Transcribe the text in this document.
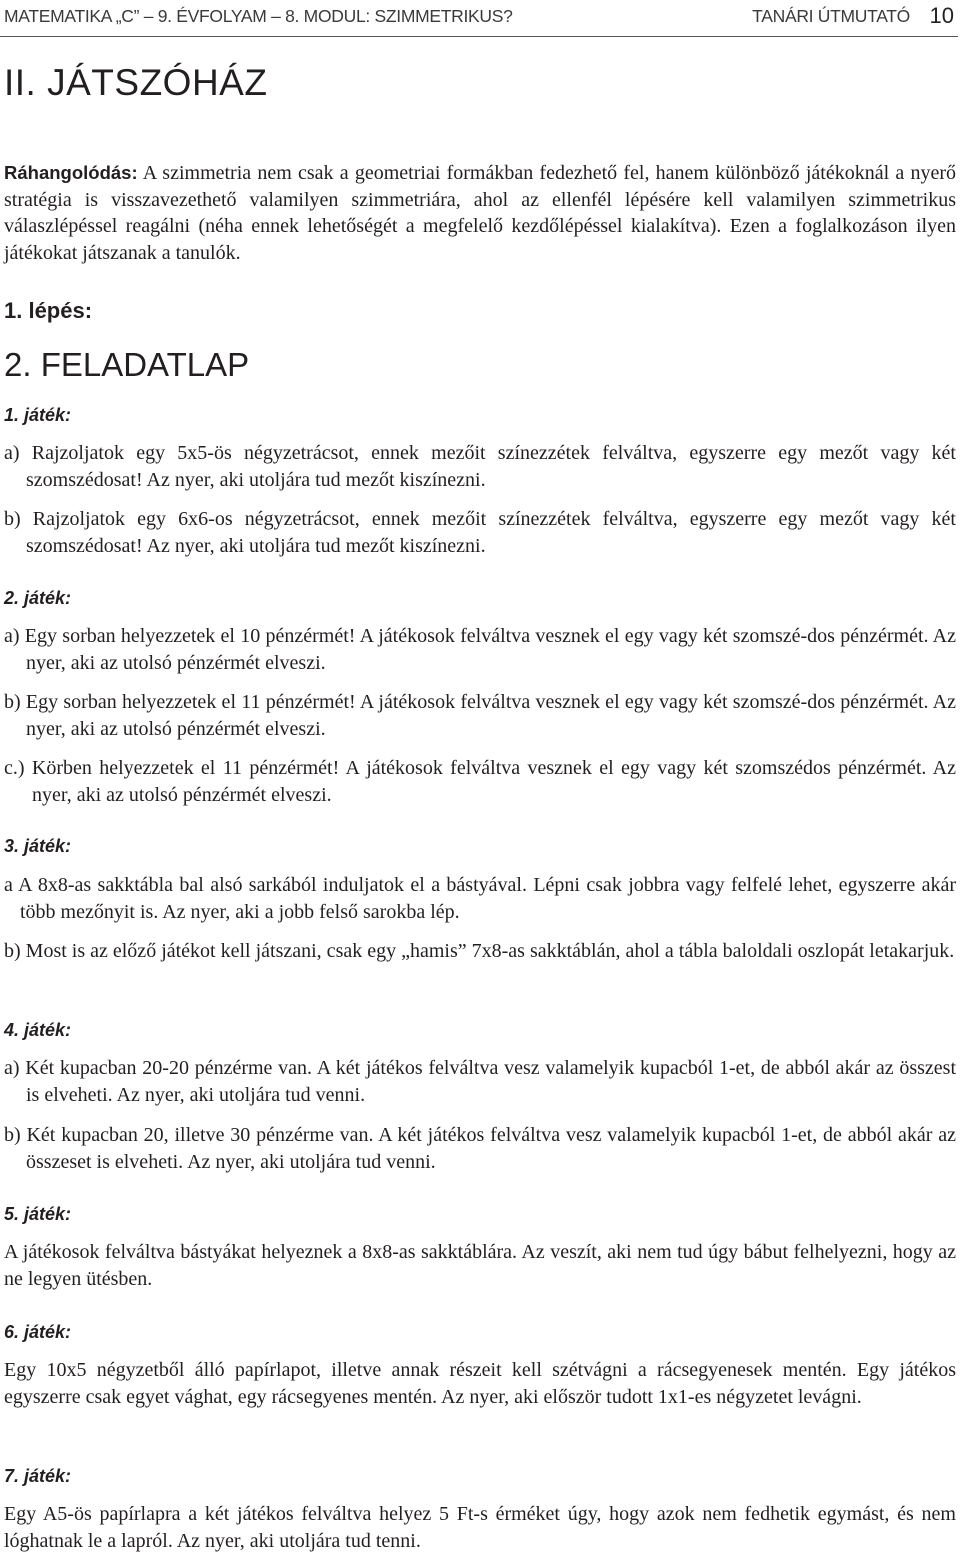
MATEMATIKA „C” – 9. ÉVFOLYAM – 8. MODUL: SZIMMETRIKUS?	TANÁRI ÚTMUTATÓ 10
II. JÁTSZÓHÁZ

Ráhangolódás: A szimmetria nem csak a geometriai formákban fedezhető fel, hanem különböző játékoknál a nyerő stratégia is visszavezethető valamilyen szimmetriára, ahol az ellenfél lépésére kell valamilyen szimmetrikus válaszlépéssel reagálni (néha ennek lehetőségét a megfelelő kezdőlépéssel kialakítva). Ezen a foglalkozáson ilyen játékokat játszanak a tanulók.

1. lépés:
2. FELADATLAP
1. játék:

a) Rajzoljatok egy 5x5-ös négyzetrácsot, ennek mezőit színezzétek felváltva, egyszerre egy mezőt vagy két szomszédosat! Az nyer, aki utoljára tud mezőt kiszínezni.

b) Rajzoljatok egy 6x6-os négyzetrácsot, ennek mezőit színezzétek felváltva, egyszerre egy mezőt vagy két szomszédosat! Az nyer, aki utoljára tud mezőt kiszínezni.

2. játék:

a) Egy sorban helyezzetek el 10 pénzérmét! A játékosok felváltva vesznek el egy vagy két szomszé-dos pénzérmét. Az nyer, aki az utolsó pénzérmét elveszi.

b) Egy sorban helyezzetek el 11 pénzérmét! A játékosok felváltva vesznek el egy vagy két szomszé-dos pénzérmét. Az nyer, aki az utolsó pénzérmét elveszi.

c.) Körben helyezzetek el 11 pénzérmét! A játékosok felváltva vesznek el egy vagy két szomszédos pénzérmét. Az nyer, aki az utolsó pénzérmét elveszi.

3. játék:

a A 8x8-as sakktábla bal alsó sarkából induljatok el a bástyával. Lépni csak jobbra vagy felfelé lehet, egyszerre akár több mezőnyit is. Az nyer, aki a jobb felső sarokba lép.

b) Most is az előző játékot kell játszani, csak egy „hamis” 7x8-as sakktáblán, ahol a tábla baloldali oszlopát letakarjuk.

4. játék:

a) Két kupacban 20-20 pénzérme van. A két játékos felváltva vesz valamelyik kupacból 1-et, de abból akár az összest is elveheti. Az nyer, aki utoljára tud venni.

b) Két kupacban 20, illetve 30 pénzérme van. A két játékos felváltva vesz valamelyik kupacból 1-et, de abból akár az összeset is elveheti. Az nyer, aki utoljára tud venni.

5. játék:

A játékosok felváltva bástyákat helyeznek a 8x8-as sakktáblára. Az veszít, aki nem tud úgy bábut felhelyezni, hogy az ne legyen ütésben.

6. játék:

Egy 10x5 négyzetből álló papírlapot, illetve annak részeit kell szétvágni a rácsegyenesek mentén. Egy játékos egyszerre csak egyet vághat, egy rácsegyenes mentén. Az nyer, aki először tudott 1x1-es négyzetet levágni.

7. játék:

Egy A5-ös papírlapra a két játékos felváltva helyez 5 Ft-s érméket úgy, hogy azok nem fedhetik egymást, és nem lóghatnak le a lapról. Az nyer, aki utoljára tud tenni.
